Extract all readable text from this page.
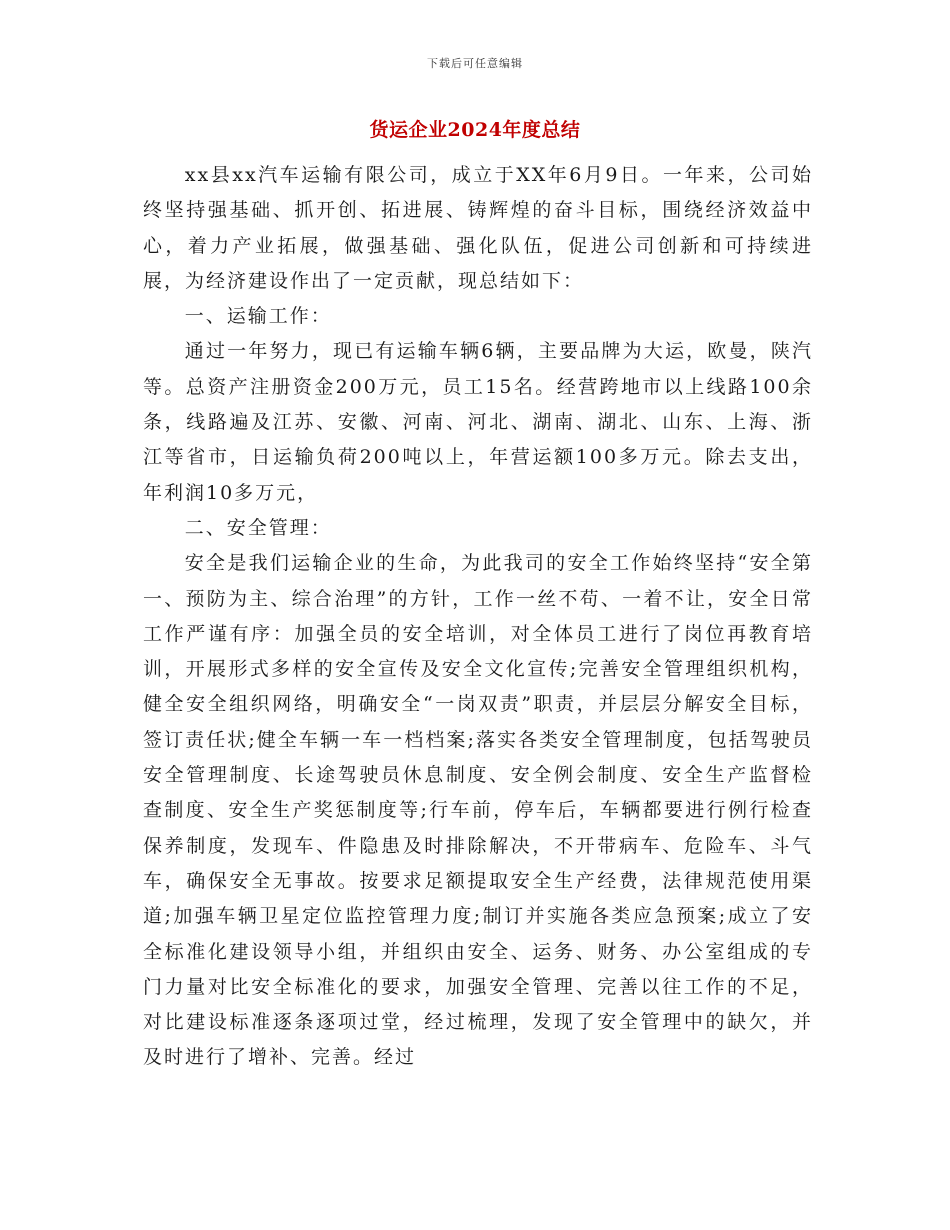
下载后可任意编辑
货运企业2024年度总结

xx县xx汽车运输有限公司，成立于XX年6月9日。一年来，公司始终坚持强基础、抓开创、拓进展、铸辉煌的奋斗目标，围绕经济效益中心，着力产业拓展，做强基础、强化队伍，促进公司创新和可持续进展，为经济建设作出了一定贡献，现总结如下：

一、运输工作：

通过一年努力，现已有运输车辆6辆，主要品牌为大运，欧曼，陕汽等。总资产注册资金200万元，员工15名。经营跨地市以上线路100余条，线路遍及江苏、安徽、河南、河北、湖南、湖北、山东、上海、浙江等省市，日运输负荷200吨以上，年营运额100多万元。除去支出，年利润10多万元，

二、安全管理：

安全是我们运输企业的生命，为此我司的安全工作始终坚持“安全第一、预防为主、综合治理”的方针，工作一丝不苟、一着不让，安全日常工作严谨有序：加强全员的安全培训，对全体员工进行了岗位再教育培训，开展形式多样的安全宣传及安全文化宣传;完善安全管理组织机构，健全安全组织网络，明确安全“一岗双责”职责，并层层分解安全目标，签订责任状;健全车辆一车一档档案;落实各类安全管理制度，包括驾驶员安全管理制度、长途驾驶员休息制度、安全例会制度、安全生产监督检查制度、安全生产奖惩制度等;行车前，停车后，车辆都要进行例行检查保养制度，发现车、件隐患及时排除解决，不开带病车、危险车、斗气车，确保安全无事故。按要求足额提取安全生产经费，法律规范使用渠道;加强车辆卫星定位监控管理力度;制订并实施各类应急预案;成立了安全标准化建设领导小组，并组织由安全、运务、财务、办公室组成的专门力量对比安全标准化的要求，加强安全管理、完善以往工作的不足，对比建设标准逐条逐项过堂，经过梳理，发现了安全管理中的缺欠，并及时进行了增补、完善。经过
